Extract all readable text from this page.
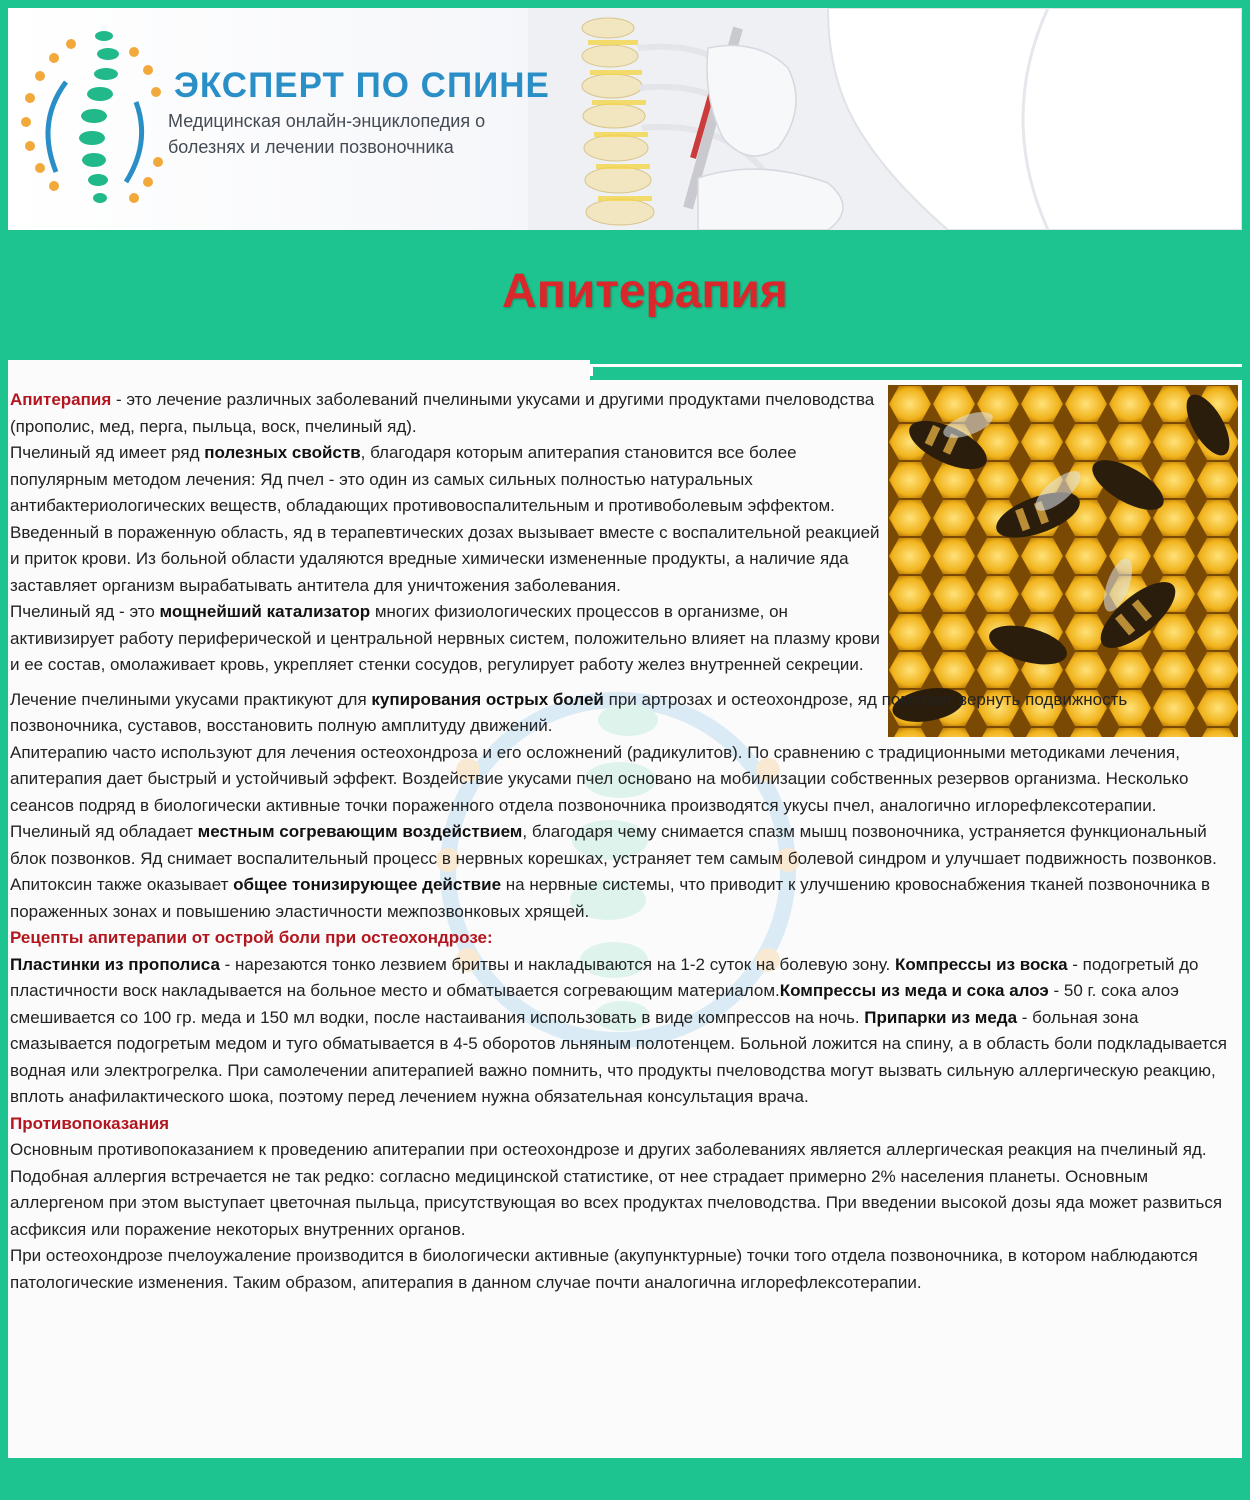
ЭКСПЕРТ ПО СПИНЕ
Медицинская онлайн-энциклопедия о болезнях и лечении позвоночника
Апитерапия

Апитерапия - это лечение различных заболеваний пчелиными укусами и другими продуктами пчеловодства (прополис, мед, перга, пыльца, воск, пчелиный яд).

Пчелиный яд имеет ряд полезных свойств, благодаря которым апитерапия становится все более популярным методом лечения: Яд пчел - это один из самых сильных полностью натуральных антибактериологических веществ, обладающих противовоспалительным и противоболевым эффектом. Введенный в пораженную область, яд в терапевтических дозах вызывает вместе с воспалительной реакцией и приток крови. Из больной области удаляются вредные химически измененные продукты, а наличие яда заставляет организм вырабатывать антитела для уничтожения заболевания.

Пчелиный яд - это мощнейший катализатор многих физиологических процессов в организме, он активизирует работу периферической и центральной нервных систем, положительно влияет на плазму крови и ее состав, омолаживает кровь, укрепляет стенки сосудов, регулирует работу желез внутренней секреции.

Лечение пчелиными укусами практикуют для купирования острых болей при артрозах и остеохондрозе, яд помогает вернуть подвижность позвоночника, суставов, восстановить полную амплитуду движений.

Апитерапию часто используют для лечения остеохондроза и его осложнений (радикулитов). По сравнению с традиционными методиками лечения, апитерапия дает быстрый и устойчивый эффект. Воздействие укусами пчел основано на мобилизации собственных резервов организма. Несколько сеансов подряд в биологически активные точки пораженного отдела позвоночника производятся укусы пчел, аналогично иглорефлексотерапии.

Пчелиный яд обладает местным согревающим воздействием, благодаря чему снимается спазм мышц позвоночника, устраняется функциональный блок позвонков. Яд снимает воспалительный процесс в нервных корешках, устраняет тем самым болевой синдром и улучшает подвижность позвонков.

Апитоксин также оказывает общее тонизирующее действие на нервные системы, что приводит к улучшению кровоснабжения тканей позвоночника в пораженных зонах и повышению эластичности межпозвонковых хрящей.

Рецепты апитерапии от острой боли при остеохондрозе:

Пластинки из прополиса - нарезаются тонко лезвием бритвы и накладываются на 1-2 суток на болевую зону. Компрессы из воска - подогретый до пластичности воск накладывается на больное место и обматывается согревающим материалом.Компрессы из меда и сока алоэ - 50 г. сока алоэ смешивается со 100 гр. меда и 150 мл водки, после настаивания использовать в виде компрессов на ночь. Припарки из меда - больная зона смазывается подогретым медом и туго обматывается в 4-5 оборотов льняным полотенцем. Больной ложится на спину, а в область боли подкладывается водная или электрогрелка. При самолечении апитерапией важно помнить, что продукты пчеловодства могут вызвать сильную аллергическую реакцию, вплоть анафилактического шока, поэтому перед лечением нужна обязательная консультация врача.

Противопоказания

Основным противопоказанием к проведению апитерапии при остеохондрозе и других заболеваниях является аллергическая реакция на пчелиный яд. Подобная аллергия встречается не так редко: согласно медицинской статистике, от нее страдает примерно 2% населения планеты. Основным аллергеном при этом выступает цветочная пыльца, присутствующая во всех продуктах пчеловодства. При введении высокой дозы яда может развиться асфиксия или поражение некоторых внутренних органов.

При остеохондрозе пчелоужаление производится в биологически активные (акупунктурные) точки того отдела позвоночника, в котором наблюдаются патологические изменения. Таким образом, апитерапия в данном случае почти аналогична иглорефлексотерапии.
